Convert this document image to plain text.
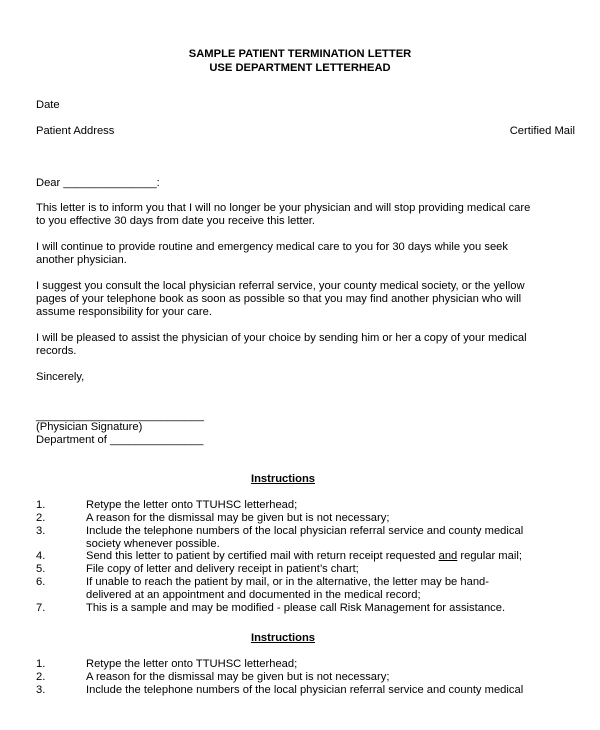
SAMPLE PATIENT TERMINATION LETTER
USE DEPARTMENT LETTERHEAD
Date
Patient Address	Certified Mail
Dear _______________:
This letter is to inform you that I will no longer be your physician and will stop providing medical care
to you effective 30 days from date you receive this letter.
I will continue to provide routine and emergency medical care to you for 30 days while you seek
another physician.
I suggest you consult the local physician referral service, your county medical society, or the yellow
pages of your telephone book as soon as possible so that you may find another physician who will
assume responsibility for your care.
I will be pleased to assist the physician of your choice by sending him or her a copy of your medical
records.
Sincerely,
___________________________
(Physician Signature)
Department of _______________
Instructions
1.	Retype the letter onto TTUHSC letterhead;
2.	A reason for the dismissal may be given but is not necessary;
3.	Include the telephone numbers of the local physician referral service and county medical
society whenever possible.
4.	Send this letter to patient by certified mail with return receipt requested and regular mail;
5.	File copy of letter and delivery receipt in patient’s chart;
6.	If unable to reach the patient by mail, or in the alternative, the letter may be hand-
delivered at an appointment and documented in the medical record;
7.	This is a sample and may be modified - please call Risk Management for assistance.
Instructions
1.	Retype the letter onto TTUHSC letterhead;
2.	A reason for the dismissal may be given but is not necessary;
3.	Include the telephone numbers of the local physician referral service and county medical
